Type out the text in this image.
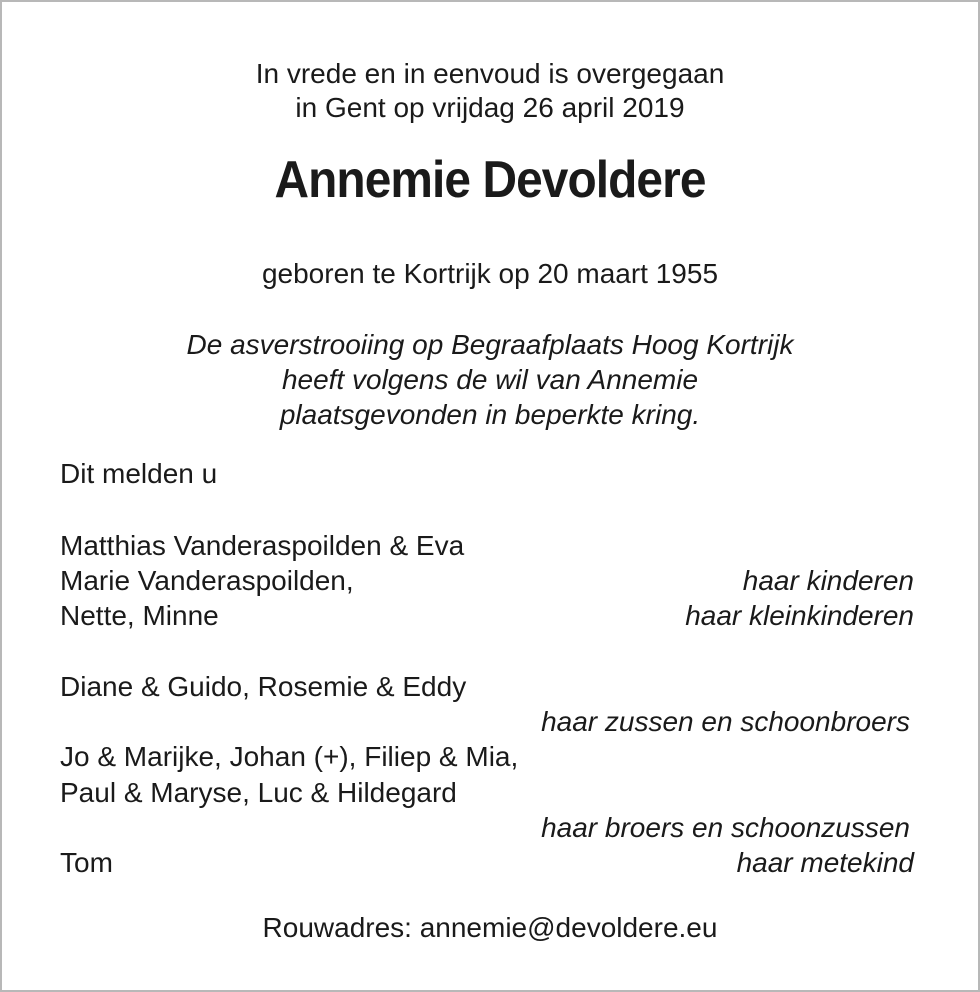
In vrede en in eenvoud is overgegaan
in Gent op vrijdag 26 april 2019
Annemie Devoldere
geboren te Kortrijk op 20 maart 1955
De asverstrooiing op Begraafplaats Hoog Kortrijk
heeft volgens de wil van Annemie
plaatsgevonden in beperkte kring.
Dit melden u
Matthias Vanderaspoilden & Eva
Marie Vanderaspoilden,	haar kinderen
Nette, Minne	haar kleinkinderen
Diane & Guido, Rosemie & Eddy
haar zussen en schoonbroers
Jo & Marijke, Johan (+), Filiep & Mia,
Paul & Maryse, Luc & Hildegard
haar broers en schoonzussen
Tom	haar metekind
Rouwadres: annemie@devoldere.eu
